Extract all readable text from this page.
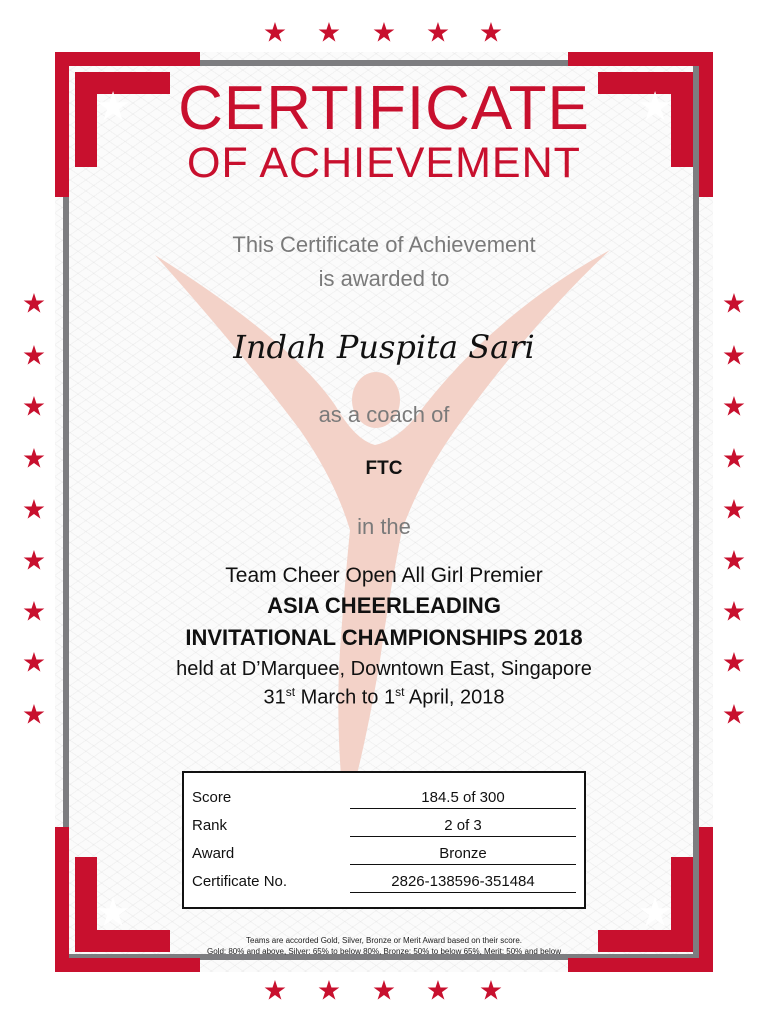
★	★
★	★
★ ★ ★ ★ ★
★ ★ ★ ★ ★
★
★
★
★
★
★
★
★
★
★
★
★
★
★
★
★
★
★
CERTIFICATE
OF ACHIEVEMENT
This Certificate of Achievement
is awarded to
Indah Puspita Sari
as a coach of
FTC
in the
Team Cheer Open All Girl Premier
ASIA CHEERLEADING
INVITATIONAL CHAMPIONSHIPS 2018
held at D’Marquee, Downtown East, Singapore
31st March to 1st April, 2018
Score	184.5 of 300
Rank	2 of 3
Award	Bronze
Certificate No.	2826-138596-351484
Teams are accorded Gold, Silver, Bronze or Merit Award based on their score.
Gold: 80% and above, Silver: 65% to below 80%, Bronze: 50% to below 65%, Merit: 50% and below
